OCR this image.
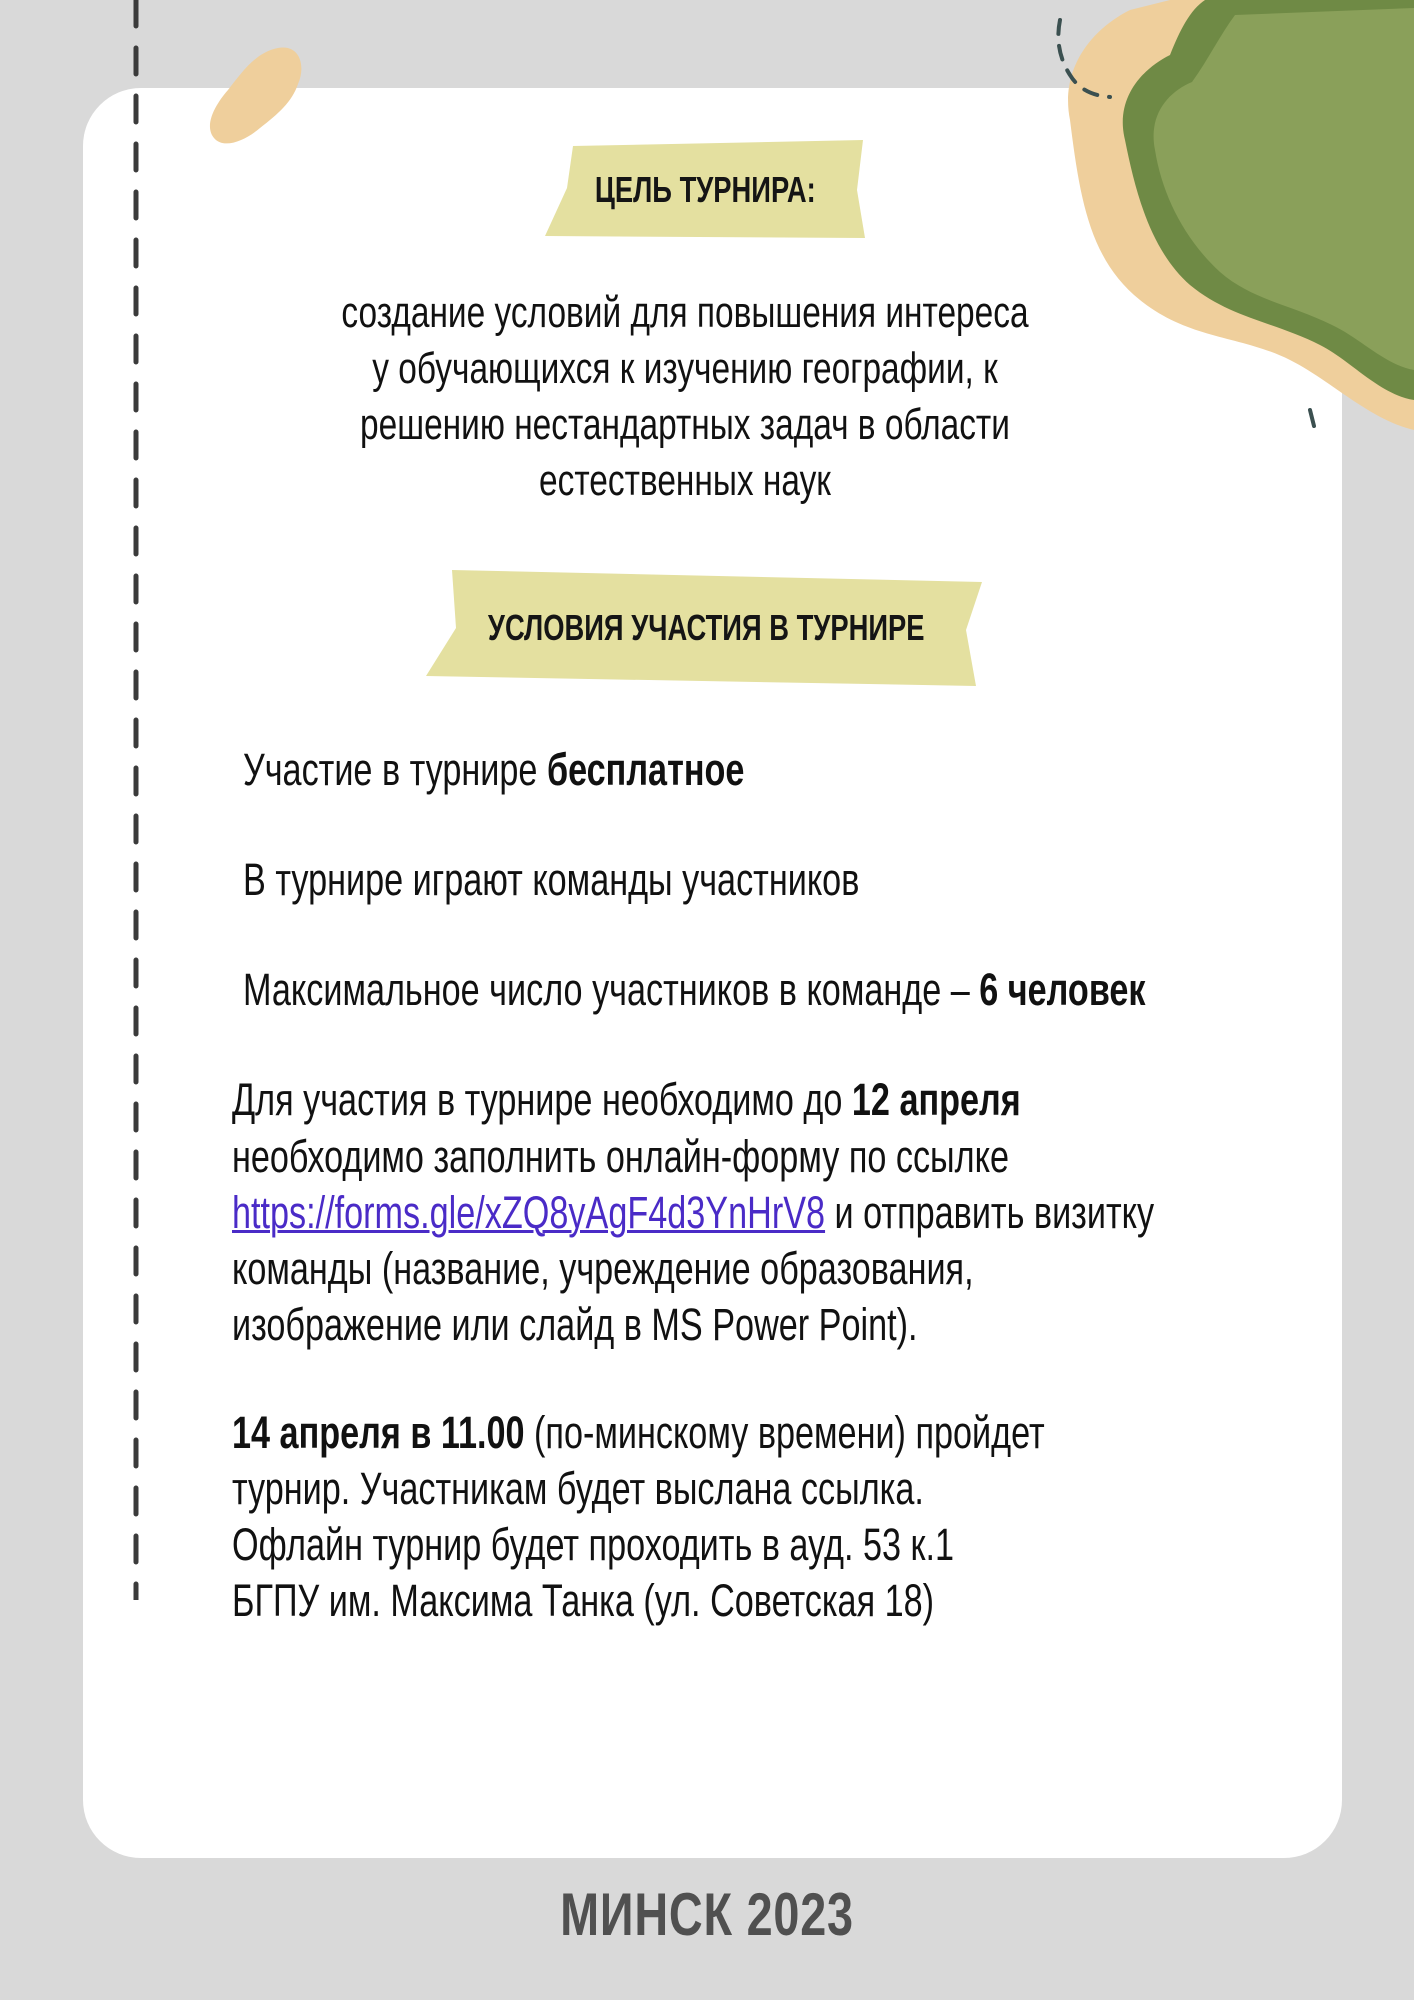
ЦЕЛЬ ТУРНИРА:
создание условий для повышения интереса
у обучающихся к изучению географии, к
решению нестандартных задач в области
естественных наук
УСЛОВИЯ УЧАСТИЯ В ТУРНИРЕ
Участие в турнире бесплатное
В турнире играют команды участников
Максимальное число участников в команде – 6 человек
Для участия в турнире необходимо до 12 апреля
необходимо заполнить онлайн-форму по ссылке
https://forms.gle/xZQ8yAgF4d3YnHrV8 и отправить визитку
команды (название, учреждение образования,
изображение или слайд в MS Power Point).
14 апреля в 11.00 (по-минскому времени) пройдет
турнир. Участникам будет выслана ссылка.
Офлайн турнир будет проходить в ауд. 53 к.1
БГПУ им. Максима Танка (ул. Советская 18)
МИНСК 2023
